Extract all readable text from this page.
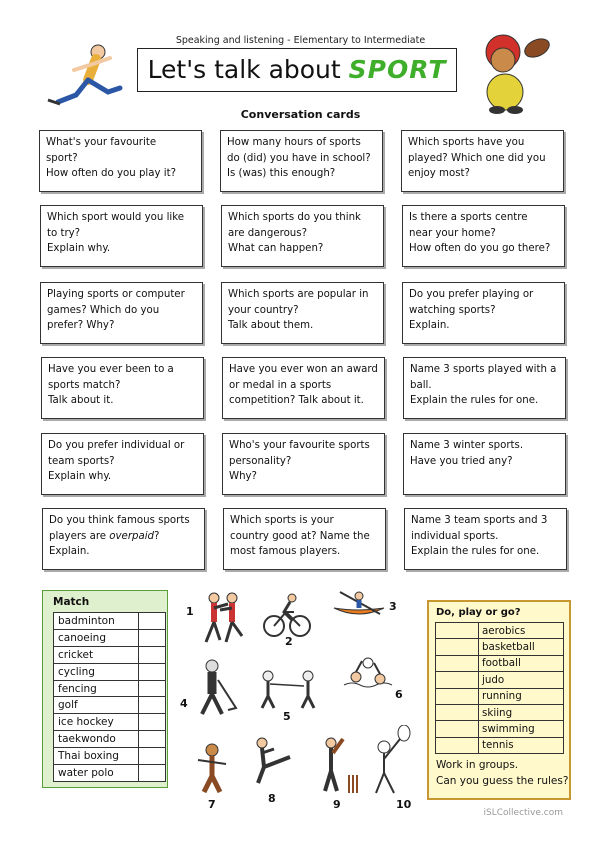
Speaking and listening - Elementary to Intermediate
Let's talk about SPORT
Conversation cards
What's your favourite
sport?
How often do you play it?
How many hours of sports
do (did) you have in school?
Is (was) this enough?
Which sports have you
played? Which one did you
enjoy most?
Which sport would you like
to try?
Explain why.
Which sports do you think
are dangerous?
What can happen?
Is there a sports centre
near your home?
How often do you go there?
Playing sports or computer
games? Which do you
prefer? Why?
Which sports are popular in
your country?
Talk about them.
Do you prefer playing or
watching sports?
Explain.
Have you ever been to a
sports match?
Talk about it.
Have you ever won an award
or medal in a sports
competition? Talk about it.
Name 3 sports played with a
ball.
Explain the rules for one.
Do you prefer individual or
team sports?
Explain why.
Who's your favourite sports
personality?
Why?
Name 3 winter sports.
Have you tried any?
Do you think famous sports
players are overpaid?
Explain.
Which sports is your
country good at? Name the
most famous players.
Name 3 team sports and 3
individual sports.
Explain the rules for one.
Match
badminton	
canoeing	
cricket	
cycling	
fencing	
golf	
ice hockey	
taekwondo	
Thai boxing	
water polo	
1
2
3
4
5
6
7	8	9	10
Do, play or go?
	aerobics
	basketball
	football
	judo
	running
	skiing
	swimming
	tennis
Work in groups.
Can you guess the rules?
iSLCollective.com
